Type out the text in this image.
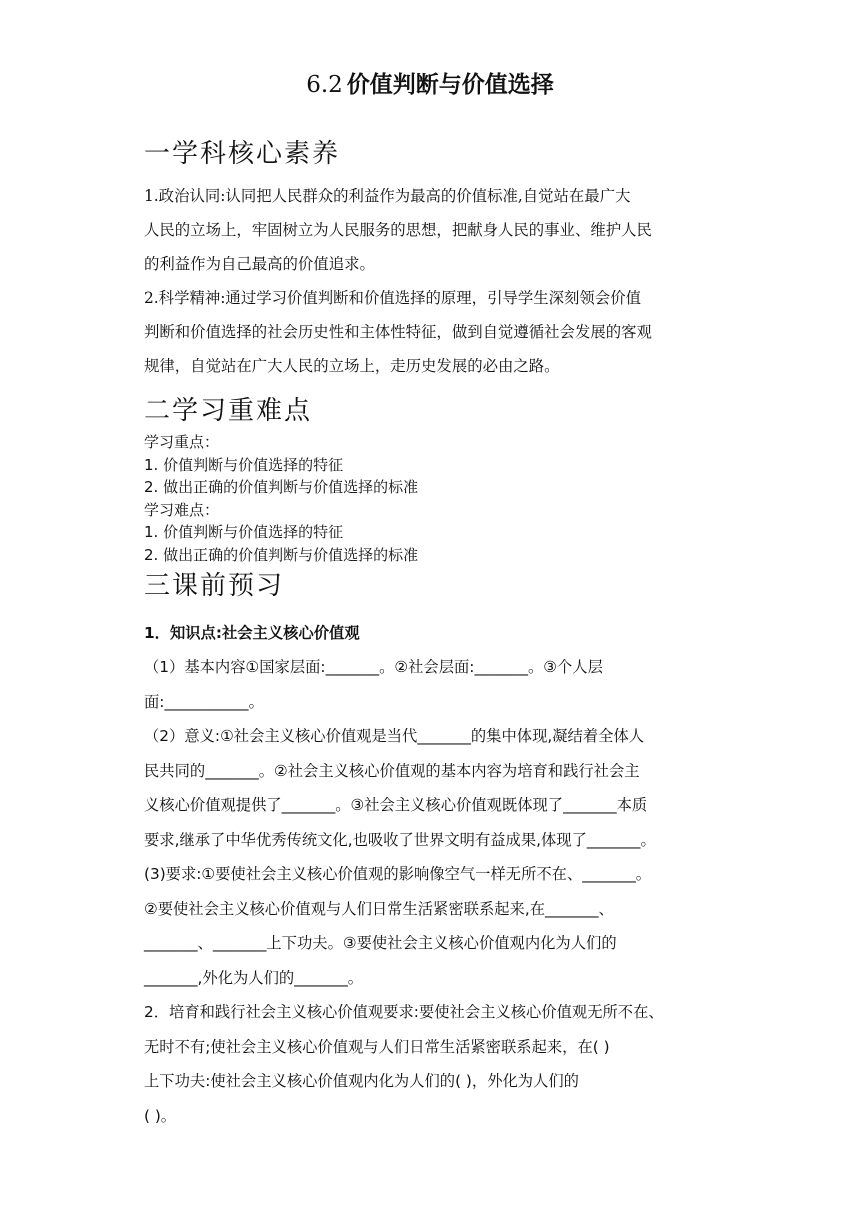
6.2 价值判断与价值选择
一学科核心素养
1.政治认同:认同把人民群众的利益作为最高的价值标准,自觉站在最广大
人民的立场上，牢固树立为人民服务的思想，把献身人民的事业、维护人民
的利益作为自己最高的价值追求。
2.科学精神:通过学习价值判断和价值选择的原理，引导学生深刻领会价值
判断和价值选择的社会历史性和主体性特征，做到自觉遵循社会发展的客观
规律，自觉站在广大人民的立场上，走历史发展的必由之路。
二学习重难点
学习重点：
1. 价值判断与价值选择的特征
2. 做出正确的价值判断与价值选择的标准
学习难点：
1. 价值判断与价值选择的特征
2. 做出正确的价值判断与价值选择的标准
三课前预习
1．知识点:社会主义核心价值观
（1）基本内容①国家层面:_______。②社会层面:_______。③个人层
面:___________。
（2）意义:①社会主义核心价值观是当代_______的集中体现,凝结着全体人
民共同的_______。②社会主义核心价值观的基本内容为培育和践行社会主
义核心价值观提供了_______。③社会主义核心价值观既体现了_______本质
要求,继承了中华优秀传统文化,也吸收了世界文明有益成果,体现了_______。
(3)要求:①要使社会主义核心价值观的影响像空气一样无所不在、_______。
②要使社会主义核心价值观与人们日常生活紧密联系起来,在_______、
_______、_______上下功夫。③要使社会主义核心价值观内化为人们的
_______,外化为人们的_______。
2．培育和践行社会主义核心价值观要求:要使社会主义核心价值观无所不在、
无时不有;使社会主义核心价值观与人们日常生活紧密联系起来，在( )
上下功夫:使社会主义核心价值观内化为人们的( )，外化为人们的
( )。
